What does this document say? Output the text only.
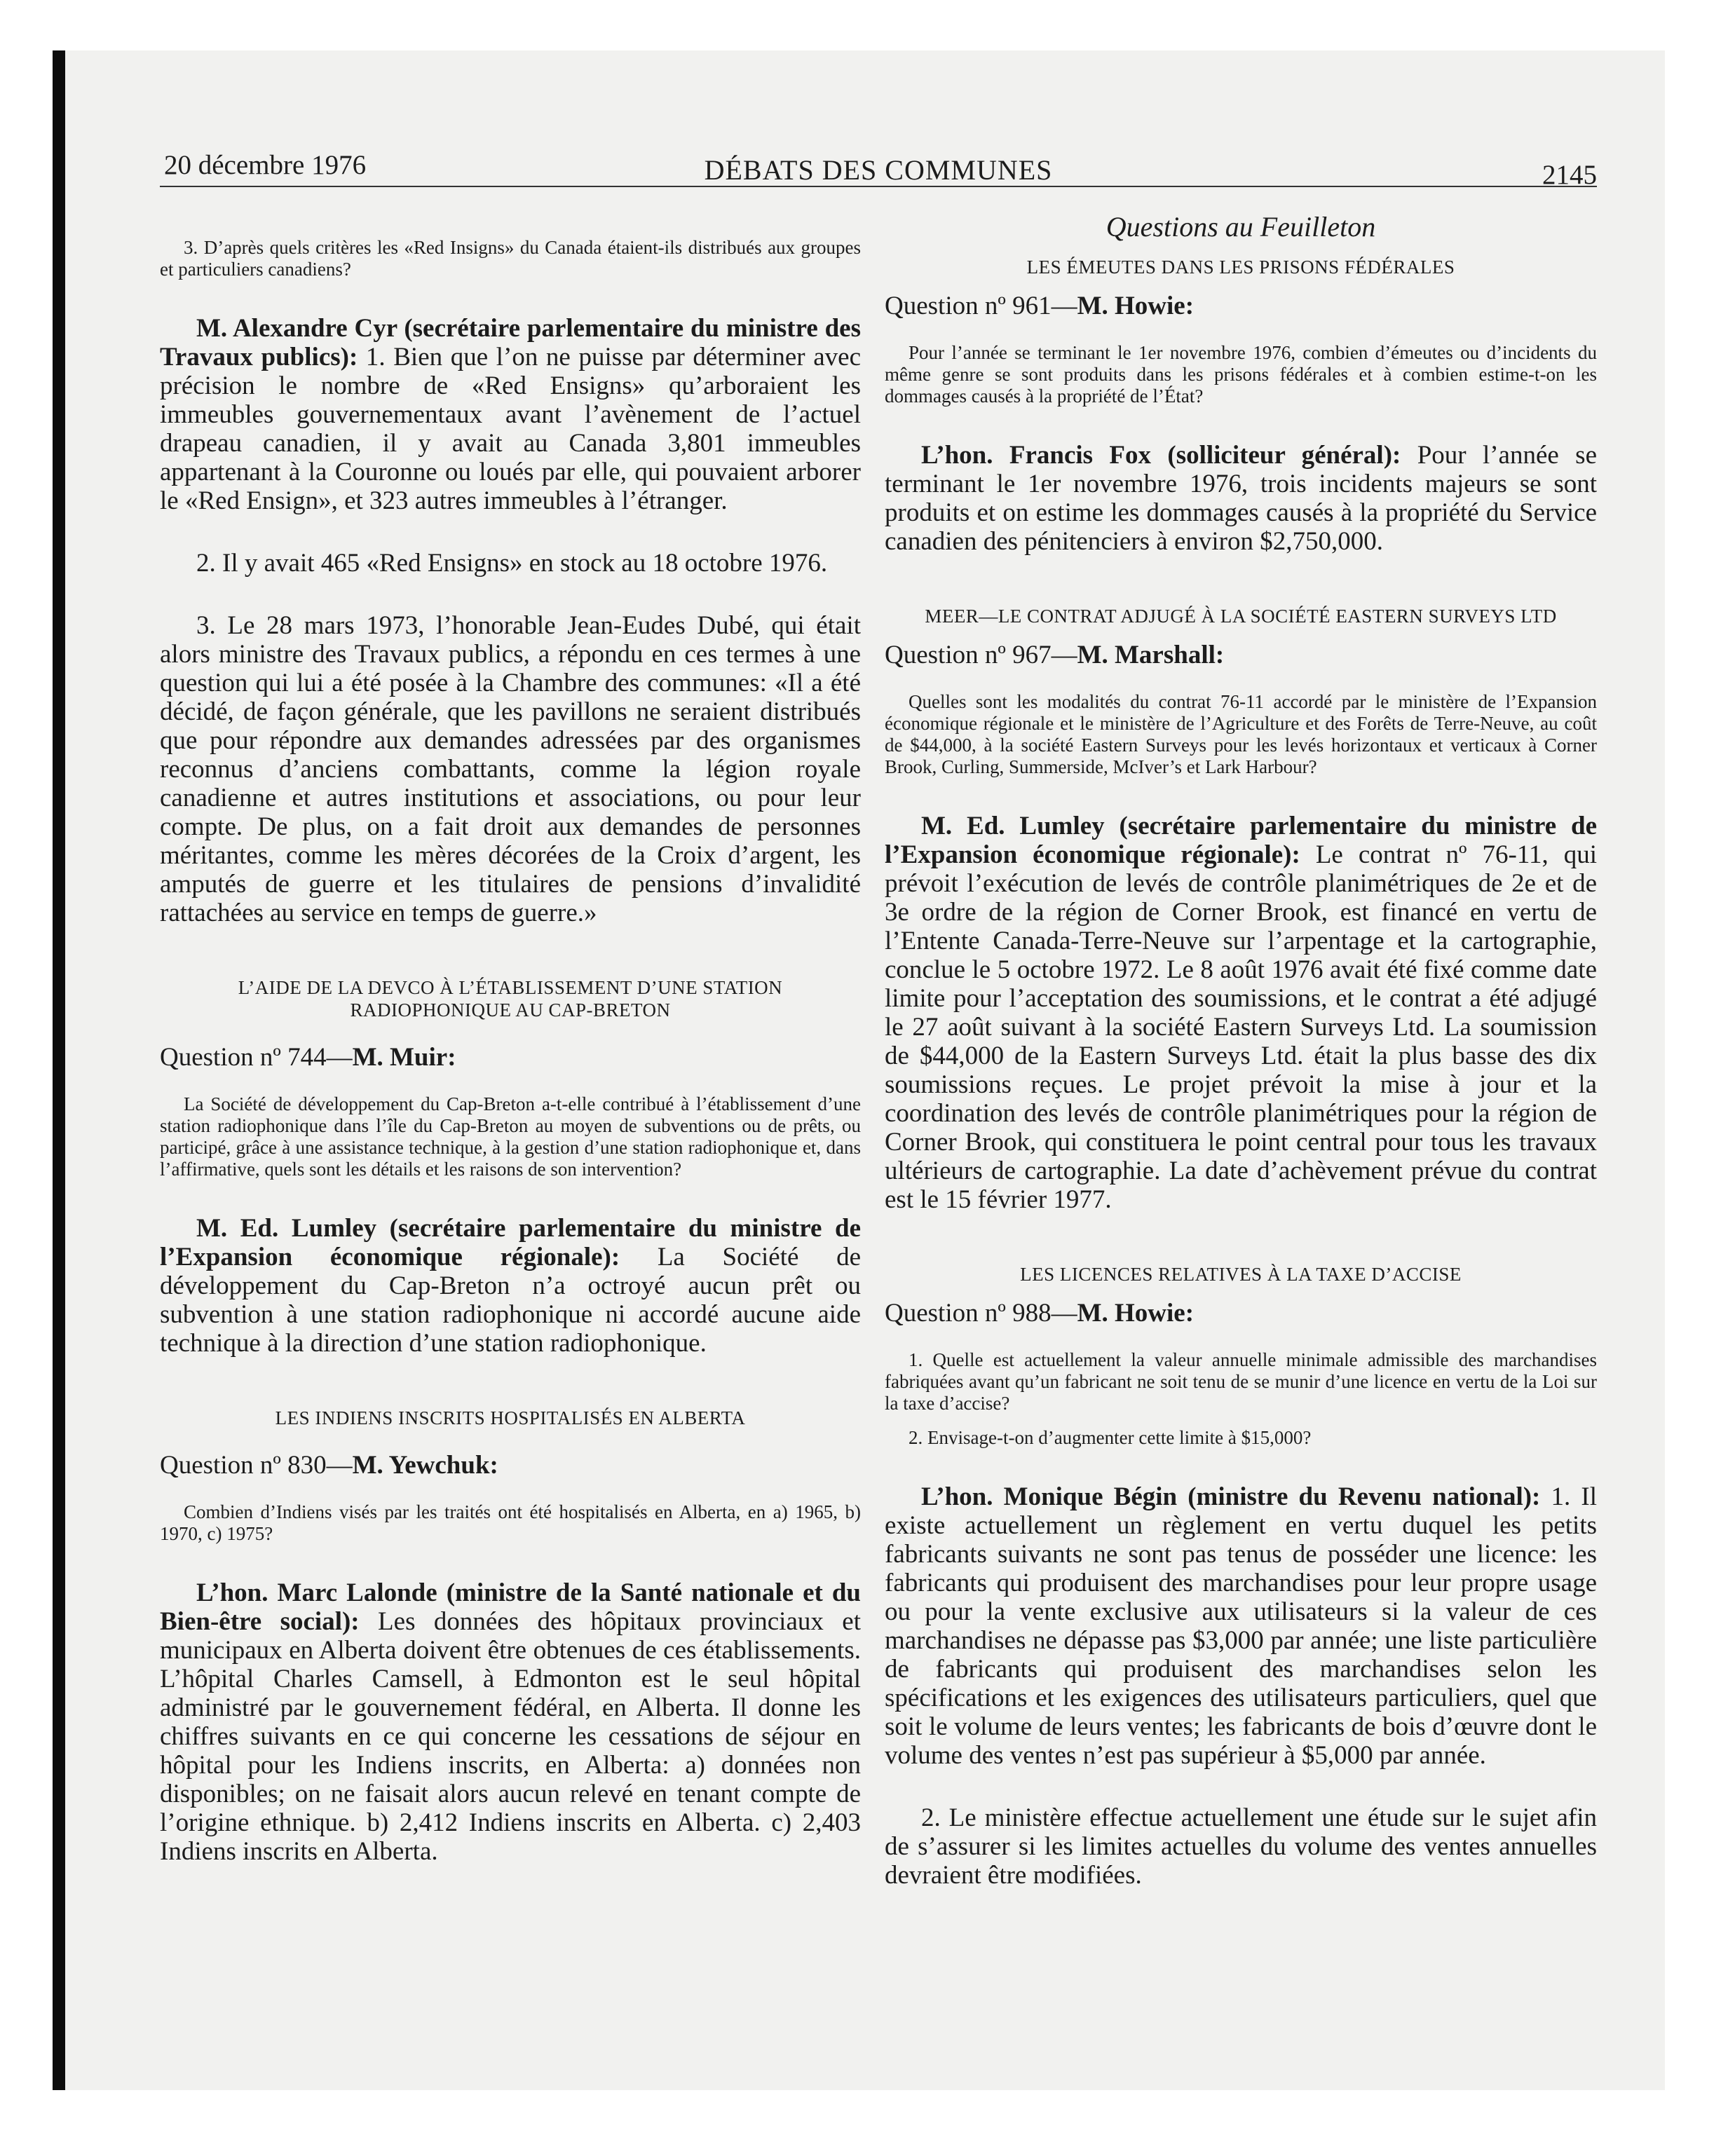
20 décembre 1976	DÉBATS DES COMMUNES	2145

3. D’après quels critères les «Red Insigns» du Canada étaient-ils distribués aux groupes et particuliers canadiens?

M. Alexandre Cyr (secrétaire parlementaire du ministre des Travaux publics): 1. Bien que l’on ne puisse par déterminer avec précision le nombre de «Red Ensigns» qu’arboraient les immeubles gouvernementaux avant l’avènement de l’actuel drapeau canadien, il y avait au Canada 3,801 immeubles appartenant à la Couronne ou loués par elle, qui pouvaient arborer le «Red Ensign», et 323 autres immeubles à l’étranger.

2. Il y avait 465 «Red Ensigns» en stock au 18 octobre 1976.

3. Le 28 mars 1973, l’honorable Jean-Eudes Dubé, qui était alors ministre des Travaux publics, a répondu en ces termes à une question qui lui a été posée à la Chambre des communes: «Il a été décidé, de façon générale, que les pavillons ne seraient distribués que pour répondre aux demandes adressées par des organismes reconnus d’anciens combattants, comme la légion royale canadienne et autres institutions et associations, ou pour leur compte. De plus, on a fait droit aux demandes de personnes méritantes, comme les mères décorées de la Croix d’argent, les amputés de guerre et les titulaires de pensions d’invalidité rattachées au service en temps de guerre.»

L’AIDE DE LA DEVCO À L’ÉTABLISSEMENT D’UNE STATION RADIOPHONIQUE AU CAP-BRETON

Question nº 744—M. Muir:

La Société de développement du Cap-Breton a-t-elle contribué à l’établissement d’une station radiophonique dans l’île du Cap-Breton au moyen de subventions ou de prêts, ou participé, grâce à une assistance technique, à la gestion d’une station radiophonique et, dans l’affirmative, quels sont les détails et les raisons de son intervention?

M. Ed. Lumley (secrétaire parlementaire du ministre de l’Expansion économique régionale): La Société de développement du Cap-Breton n’a octroyé aucun prêt ou subvention à une station radiophonique ni accordé aucune aide technique à la direction d’une station radiophonique.

LES INDIENS INSCRITS HOSPITALISÉS EN ALBERTA

Question nº 830—M. Yewchuk:

Combien d’Indiens visés par les traités ont été hospitalisés en Alberta, en a) 1965, b) 1970, c) 1975?

L’hon. Marc Lalonde (ministre de la Santé nationale et du Bien-être social): Les données des hôpitaux provinciaux et municipaux en Alberta doivent être obtenues de ces établissements. L’hôpital Charles Camsell, à Edmonton est le seul hôpital administré par le gouvernement fédéral, en Alberta. Il donne les chiffres suivants en ce qui concerne les cessations de séjour en hôpital pour les Indiens inscrits, en Alberta: a) données non disponibles; on ne faisait alors aucun relevé en tenant compte de l’origine ethnique. b) 2,412 Indiens inscrits en Alberta. c) 2,403 Indiens inscrits en Alberta.

Questions au Feuilleton

LES ÉMEUTES DANS LES PRISONS FÉDÉRALES

Question nº 961—M. Howie:

Pour l’année se terminant le 1er novembre 1976, combien d’émeutes ou d’incidents du même genre se sont produits dans les prisons fédérales et à combien estime-t-on les dommages causés à la propriété de l’État?

L’hon. Francis Fox (solliciteur général): Pour l’année se terminant le 1er novembre 1976, trois incidents majeurs se sont produits et on estime les dommages causés à la propriété du Service canadien des pénitenciers à environ $2,750,000.

MEER—LE CONTRAT ADJUGÉ À LA SOCIÉTÉ EASTERN SURVEYS LTD

Question nº 967—M. Marshall:

Quelles sont les modalités du contrat 76-11 accordé par le ministère de l’Expansion économique régionale et le ministère de l’Agriculture et des Forêts de Terre-Neuve, au coût de $44,000, à la société Eastern Surveys pour les levés horizontaux et verticaux à Corner Brook, Curling, Summerside, McIver’s et Lark Harbour?

M. Ed. Lumley (secrétaire parlementaire du ministre de l’Expansion économique régionale): Le contrat nº 76-11, qui prévoit l’exécution de levés de contrôle planimétriques de 2e et de 3e ordre de la région de Corner Brook, est financé en vertu de l’Entente Canada-Terre-Neuve sur l’arpentage et la cartographie, conclue le 5 octobre 1972. Le 8 août 1976 avait été fixé comme date limite pour l’acceptation des soumissions, et le contrat a été adjugé le 27 août suivant à la société Eastern Surveys Ltd. La soumission de $44,000 de la Eastern Surveys Ltd. était la plus basse des dix soumissions reçues. Le projet prévoit la mise à jour et la coordination des levés de contrôle planimétriques pour la région de Corner Brook, qui constituera le point central pour tous les travaux ultérieurs de cartographie. La date d’achèvement prévue du contrat est le 15 février 1977.

LES LICENCES RELATIVES À LA TAXE D’ACCISE

Question nº 988—M. Howie:

1. Quelle est actuellement la valeur annuelle minimale admissible des marchandises fabriquées avant qu’un fabricant ne soit tenu de se munir d’une licence en vertu de la Loi sur la taxe d’accise?

2. Envisage-t-on d’augmenter cette limite à $15,000?

L’hon. Monique Bégin (ministre du Revenu national): 1. Il existe actuellement un règlement en vertu duquel les petits fabricants suivants ne sont pas tenus de posséder une licence: les fabricants qui produisent des marchandises pour leur propre usage ou pour la vente exclusive aux utilisateurs si la valeur de ces marchandises ne dépasse pas $3,000 par année; une liste particulière de fabricants qui produisent des marchandises selon les spécifications et les exigences des utilisateurs particuliers, quel que soit le volume de leurs ventes; les fabricants de bois d’œuvre dont le volume des ventes n’est pas supérieur à $5,000 par année.

2. Le ministère effectue actuellement une étude sur le sujet afin de s’assurer si les limites actuelles du volume des ventes annuelles devraient être modifiées.
